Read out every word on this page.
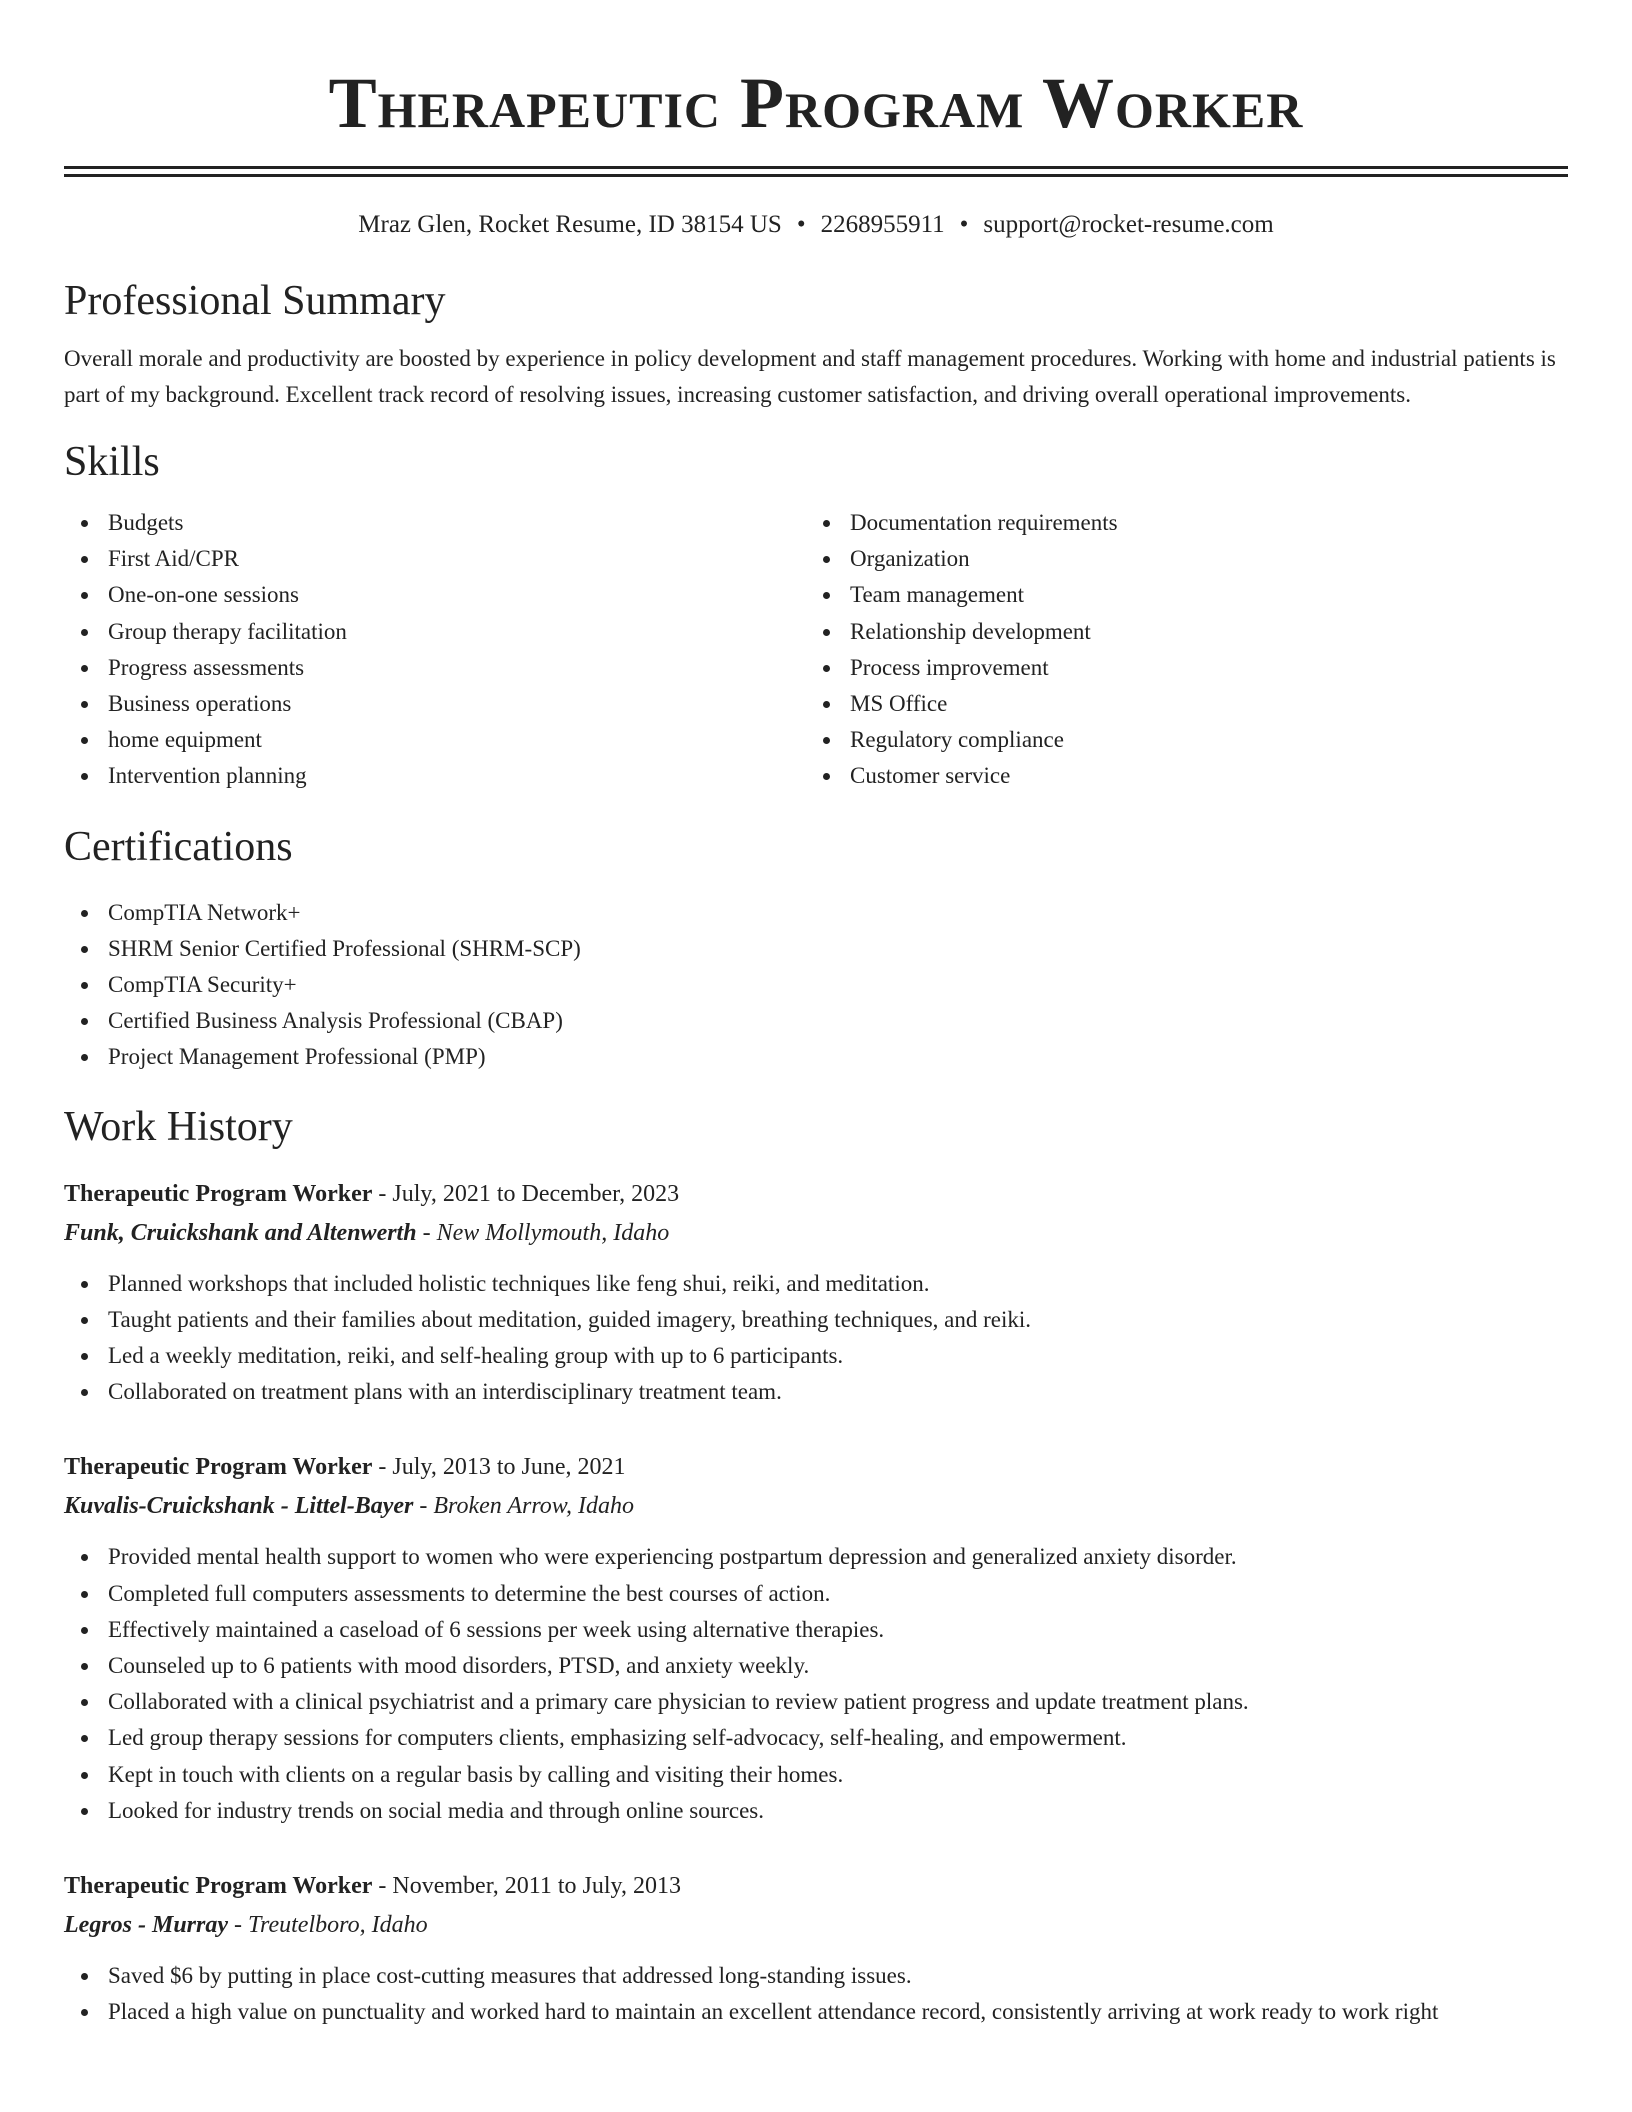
Therapeutic Program Worker
Mraz Glen, Rocket Resume, ID 38154 US • 2268955911 • support@rocket-resume.com
Professional Summary

Overall morale and productivity are boosted by experience in policy development and staff management procedures. Working with home and industrial patients is part of my background. Excellent track record of resolving issues, increasing customer satisfaction, and driving overall operational improvements.

Skills
Budgets
First Aid/CPR
One-on-one sessions
Group therapy facilitation
Progress assessments
Business operations
home equipment
Intervention planning
Documentation requirements
Organization
Team management
Relationship development
Process improvement
MS Office
Regulatory compliance
Customer service
Certifications
CompTIA Network+
SHRM Senior Certified Professional (SHRM-SCP)
CompTIA Security+
Certified Business Analysis Professional (CBAP)
Project Management Professional (PMP)
Work History
Therapeutic Program Worker - July, 2021 to December, 2023
Funk, Cruickshank and Altenwerth - New Mollymouth, Idaho
Planned workshops that included holistic techniques like feng shui, reiki, and meditation.
Taught patients and their families about meditation, guided imagery, breathing techniques, and reiki.
Led a weekly meditation, reiki, and self-healing group with up to 6 participants.
Collaborated on treatment plans with an interdisciplinary treatment team.
Therapeutic Program Worker - July, 2013 to June, 2021
Kuvalis-Cruickshank - Littel-Bayer - Broken Arrow, Idaho
Provided mental health support to women who were experiencing postpartum depression and generalized anxiety disorder.
Completed full computers assessments to determine the best courses of action.
Effectively maintained a caseload of 6 sessions per week using alternative therapies.
Counseled up to 6 patients with mood disorders, PTSD, and anxiety weekly.
Collaborated with a clinical psychiatrist and a primary care physician to review patient progress and update treatment plans.
Led group therapy sessions for computers clients, emphasizing self-advocacy, self-healing, and empowerment.
Kept in touch with clients on a regular basis by calling and visiting their homes.
Looked for industry trends on social media and through online sources.
Therapeutic Program Worker - November, 2011 to July, 2013
Legros - Murray - Treutelboro, Idaho
Saved $6 by putting in place cost-cutting measures that addressed long-standing issues.
Placed a high value on punctuality and worked hard to maintain an excellent attendance record, consistently arriving at work ready to work right
